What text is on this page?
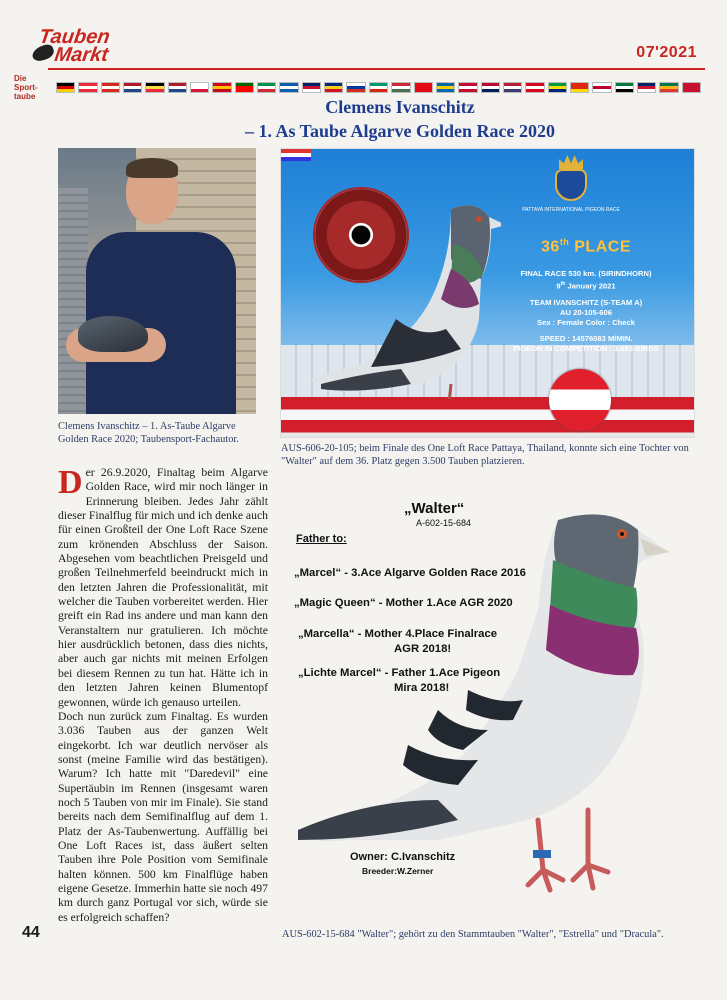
Tauben
Markt
Die Sport-taube
07'2021
Clemens Ivanschitz
– 1. As Taube Algarve Golden Race 2020
Clemens Ivanschitz – 1. As-Taube Algarve Golden Race 2020; Taubensport-Fachautor.
PATTAYA INTERNATIONAL PIGEON RACE
36th PLACE
FINAL RACE 530 km. (SIRINDHORN)
9th January 2021
TEAM IVANSCHITZ (S-TEAM A)
AU 20-105-606
Sex : Female Color : Check
SPEED : 14576083 M/MIN.
PIGEON IN COMPETITION : 3,653 BIRDS
AUS-606-20-105; beim Finale des One Loft Race Pattaya, Thailand, konnte sich eine Tochter von "Walter" auf dem 36. Platz gegen 3.500 Tauben platzieren.
Der 26.9.2020, Finaltag beim Algarve Golden Race, wird mir noch länger in Erinnerung bleiben. Jedes Jahr zählt dieser Finalflug für mich und ich denke auch für einen Großteil der One Loft Race Szene zum krönenden Abschluss der Saison. Abgesehen vom beachtlichen Preisgeld und großen Teilnehmerfeld beeindruckt mich in den letzten Jahren die Professionalität, mit welcher die Tauben vorbereitet werden. Hier greift ein Rad ins andere und man kann den Veranstaltern nur gratulieren. Ich möchte hier ausdrücklich betonen, dass dies nichts, aber auch gar nichts mit meinen Erfolgen bei diesem Rennen zu tun hat. Hätte ich in den letzten Jahren keinen Blumentopf gewonnen, würde ich genauso urteilen.
Doch nun zurück zum Finaltag. Es wurden 3.036 Tauben aus der ganzen Welt eingekorbt. Ich war deutlich nervöser als sonst (meine Familie wird das bestätigen). Warum? Ich hatte mit "Daredevil" eine Supertäubin im Rennen (insgesamt waren noch 5 Tauben von mir im Finale). Sie stand bereits nach dem Semifinalflug auf dem 1. Platz der As-Taubenwertung. Auffällig bei One Loft Races ist, dass äußert selten Tauben ihre Pole Position vom Semifinale halten können. 500 km Finalflüge haben eigene Gesetze. Immerhin hatte sie noch 497 km durch ganz Portugal vor sich, würde sie es erfolgreich schaffen?
44
„Walter“
A-602-15-684
Father to:
„Marcel“ - 3.Ace Algarve Golden Race 2016
„Magic Queen“ - Mother 1.Ace AGR 2020
„Marcella“ - Mother 4.Place Finalrace
AGR 2018!
„Lichte Marcel“ - Father 1.Ace Pigeon
Mira 2018!
Owner: C.Ivanschitz
Breeder:W.Zerner
AUS-602-15-684 "Walter"; gehört zu den Stammtauben "Walter", "Estrella" und "Dracula".
